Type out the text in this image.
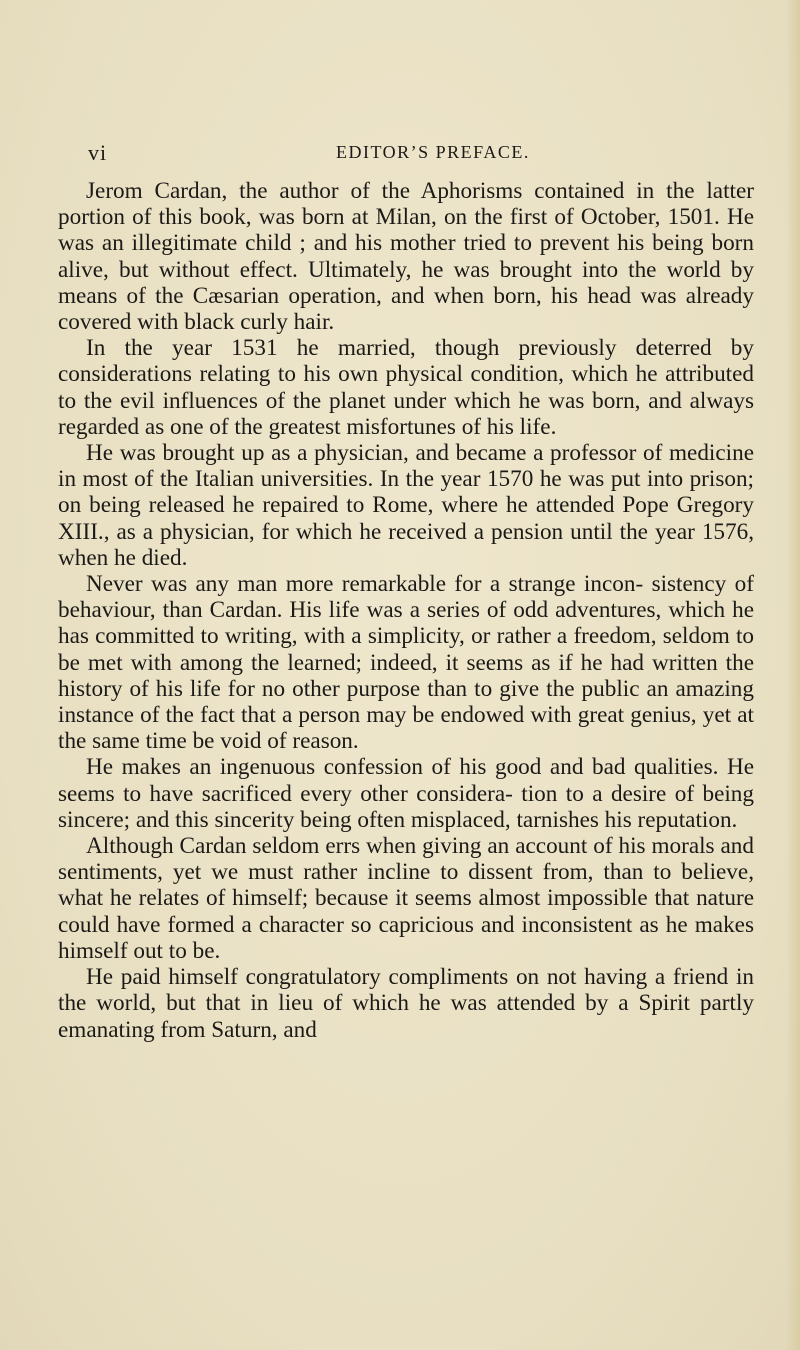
vi	EDITOR’S PREFACE.

Jerom Cardan, the author of the Aphorisms contained in the latter portion of this book, was born at Milan, on the first of October, 1501. He was an illegitimate child ; and his mother tried to prevent his being born alive, but without effect. Ultimately, he was brought into the world by means of the Cæsarian operation, and when born, his head was already covered with black curly hair.

In the year 1531 he married, though previously deterred by considerations relating to his own physical condition, which he attributed to the evil influences of the planet under which he was born, and always regarded as one of the greatest misfortunes of his life.

He was brought up as a physician, and became a professor of medicine in most of the Italian universities. In the year 1570 he was put into prison; on being released he repaired to Rome, where he attended Pope Gregory XIII., as a physician, for which he received a pension until the year 1576, when he died.

Never was any man more remarkable for a strange incon- sistency of behaviour, than Cardan. His life was a series of odd adventures, which he has committed to writing, with a simplicity, or rather a freedom, seldom to be met with among the learned; indeed, it seems as if he had written the history of his life for no other purpose than to give the public an amazing instance of the fact that a person may be endowed with great genius, yet at the same time be void of reason.

He makes an ingenuous confession of his good and bad qualities. He seems to have sacrificed every other considera- tion to a desire of being sincere; and this sincerity being often misplaced, tarnishes his reputation.

Although Cardan seldom errs when giving an account of his morals and sentiments, yet we must rather incline to dissent from, than to believe, what he relates of himself; because it seems almost impossible that nature could have formed a character so capricious and inconsistent as he makes himself out to be.

He paid himself congratulatory compliments on not having a friend in the world, but that in lieu of which he was attended by a Spirit partly emanating from Saturn, and
